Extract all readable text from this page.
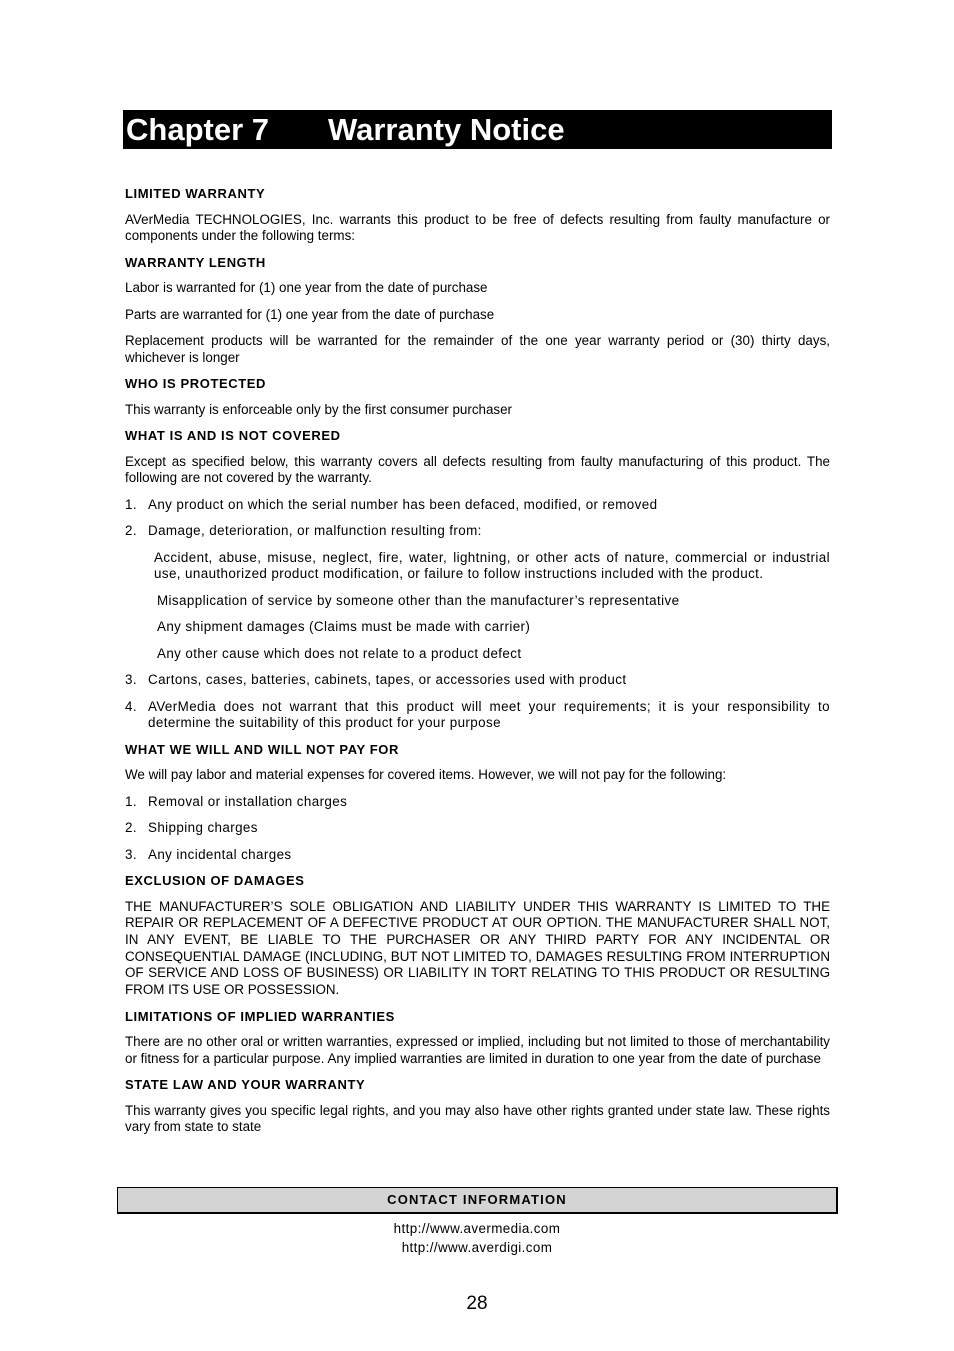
Chapter 7 Warranty Notice
LIMITED WARRANTY
AVerMedia TECHNOLOGIES, Inc. warrants this product to be free of defects resulting from faulty manufacture or components under the following terms:
WARRANTY LENGTH
Labor is warranted for (1) one year from the date of purchase
Parts are warranted for (1) one year from the date of purchase
Replacement products will be warranted for the remainder of the one year warranty period or (30) thirty days, whichever is longer
WHO IS PROTECTED
This warranty is enforceable only by the first consumer purchaser
WHAT IS AND IS NOT COVERED
Except as specified below, this warranty covers all defects resulting from faulty manufacturing of this product. The following are not covered by the warranty.
1. Any product on which the serial number has been defaced, modified, or removed
2. Damage, deterioration, or malfunction resulting from:
Accident, abuse, misuse, neglect, fire, water, lightning, or other acts of nature, commercial or industrial use, unauthorized product modification, or failure to follow instructions included with the product.
Misapplication of service by someone other than the manufacturer’s representative
Any shipment damages (Claims must be made with carrier)
Any other cause which does not relate to a product defect
3. Cartons, cases, batteries, cabinets, tapes, or accessories used with product
4. AVerMedia does not warrant that this product will meet your requirements; it is your responsibility to determine the suitability of this product for your purpose
WHAT WE WILL AND WILL NOT PAY FOR
We will pay labor and material expenses for covered items. However, we will not pay for the following:
1. Removal or installation charges
2. Shipping charges
3. Any incidental charges
EXCLUSION OF DAMAGES
THE MANUFACTURER’S SOLE OBLIGATION AND LIABILITY UNDER THIS WARRANTY IS LIMITED TO THE REPAIR OR REPLACEMENT OF A DEFECTIVE PRODUCT AT OUR OPTION. THE MANUFACTURER SHALL NOT, IN ANY EVENT, BE LIABLE TO THE PURCHASER OR ANY THIRD PARTY FOR ANY INCIDENTAL OR CONSEQUENTIAL DAMAGE (INCLUDING, BUT NOT LIMITED TO, DAMAGES RESULTING FROM INTERRUPTION OF SERVICE AND LOSS OF BUSINESS) OR LIABILITY IN TORT RELATING TO THIS PRODUCT OR RESULTING FROM ITS USE OR POSSESSION.
LIMITATIONS OF IMPLIED WARRANTIES
There are no other oral or written warranties, expressed or implied, including but not limited to those of merchantability or fitness for a particular purpose. Any implied warranties are limited in duration to one year from the date of purchase
STATE LAW AND YOUR WARRANTY
This warranty gives you specific legal rights, and you may also have other rights granted under state law. These rights vary from state to state
CONTACT INFORMATION
http://www.avermedia.com
http://www.averdigi.com
28
